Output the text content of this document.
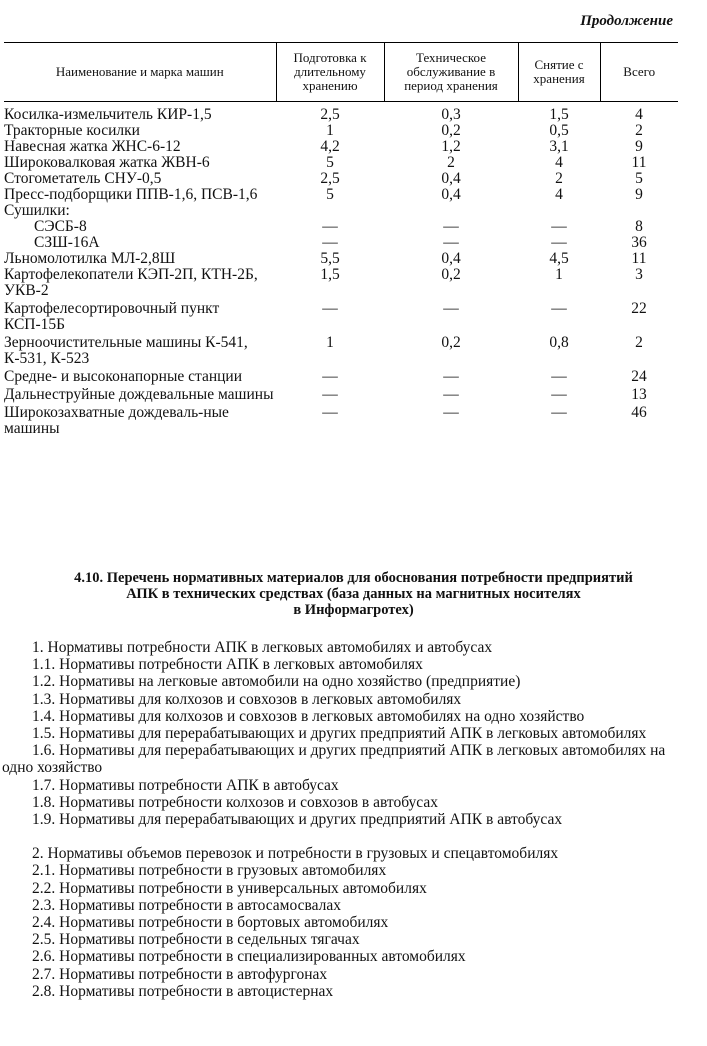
Продолжение
Наименование и марка машин	Подготовка к длительному хранению	Техническое обслуживание в период хранения	Снятие с хранения	Всего
Косилка-измельчитель КИР-1,5	2,5	0,3	1,5	4
Тракторные косилки	1	0,2	0,5	2
Навесная жатка ЖНС-6-12	4,2	1,2	3,1	9
Широковалковая жатка ЖВН-6	5	2	4	11
Стогометатель СНУ-0,5	2,5	0,4	2	5
Пресс-подборщики ППВ-1,6, ПСВ-1,6	5	0,4	4	9
Сушилки:				
СЭСБ-8	—	—	—	8
СЗШ-16А	—	—	—	36
Льномолотилка МЛ-2,8Ш	5,5	0,4	4,5	11
Картофелекопатели КЭП-2П, КТН-2Б, УКВ-2	1,5	0,2	1	3
Картофелесортировочный пункт КСП-15Б	—	—	—	22
Зерноочистительные машины К-541, К-531, К-523	1	0,2	0,8	2
Средне- и высоконапорные станции	—	—	—	24
Дальнеструйные дождевальные машины	—	—	—	13
Широкозахватные дождеваль-ные машины	—	—	—	46
4.10. Перечень нормативных материалов для обоснования потребности предприятий
АПК в технических средствах (база данных на магнитных носителях
в Информагротех)
1. Нормативы потребности АПК в легковых автомобилях и автобусах
1.1. Нормативы потребности АПК в легковых автомобилях
1.2. Нормативы на легковые автомобили на одно хозяйство (предприятие)
1.3. Нормативы для колхозов и совхозов в легковых автомобилях
1.4. Нормативы для колхозов и совхозов в легковых автомобилях на одно хозяйство
1.5. Нормативы для перерабатывающих и других предприятий АПК в легковых автомобилях
1.6. Нормативы для перерабатывающих и других предприятий АПК в легковых автомобилях на одно хозяйство
1.7. Нормативы потребности АПК в автобусах
1.8. Нормативы потребности колхозов и совхозов в автобусах
1.9. Нормативы для перерабатывающих и других предприятий АПК в автобусах
2. Нормативы объемов перевозок и потребности в грузовых и спецавтомобилях
2.1. Нормативы потребности в грузовых автомобилях
2.2. Нормативы потребности в универсальных автомобилях
2.3. Нормативы потребности в автосамосвалах
2.4. Нормативы потребности в бортовых автомобилях
2.5. Нормативы потребности в седельных тягачах
2.6. Нормативы потребности в специализированных автомобилях
2.7. Нормативы потребности в автофургонах
2.8. Нормативы потребности в автоцистернах
